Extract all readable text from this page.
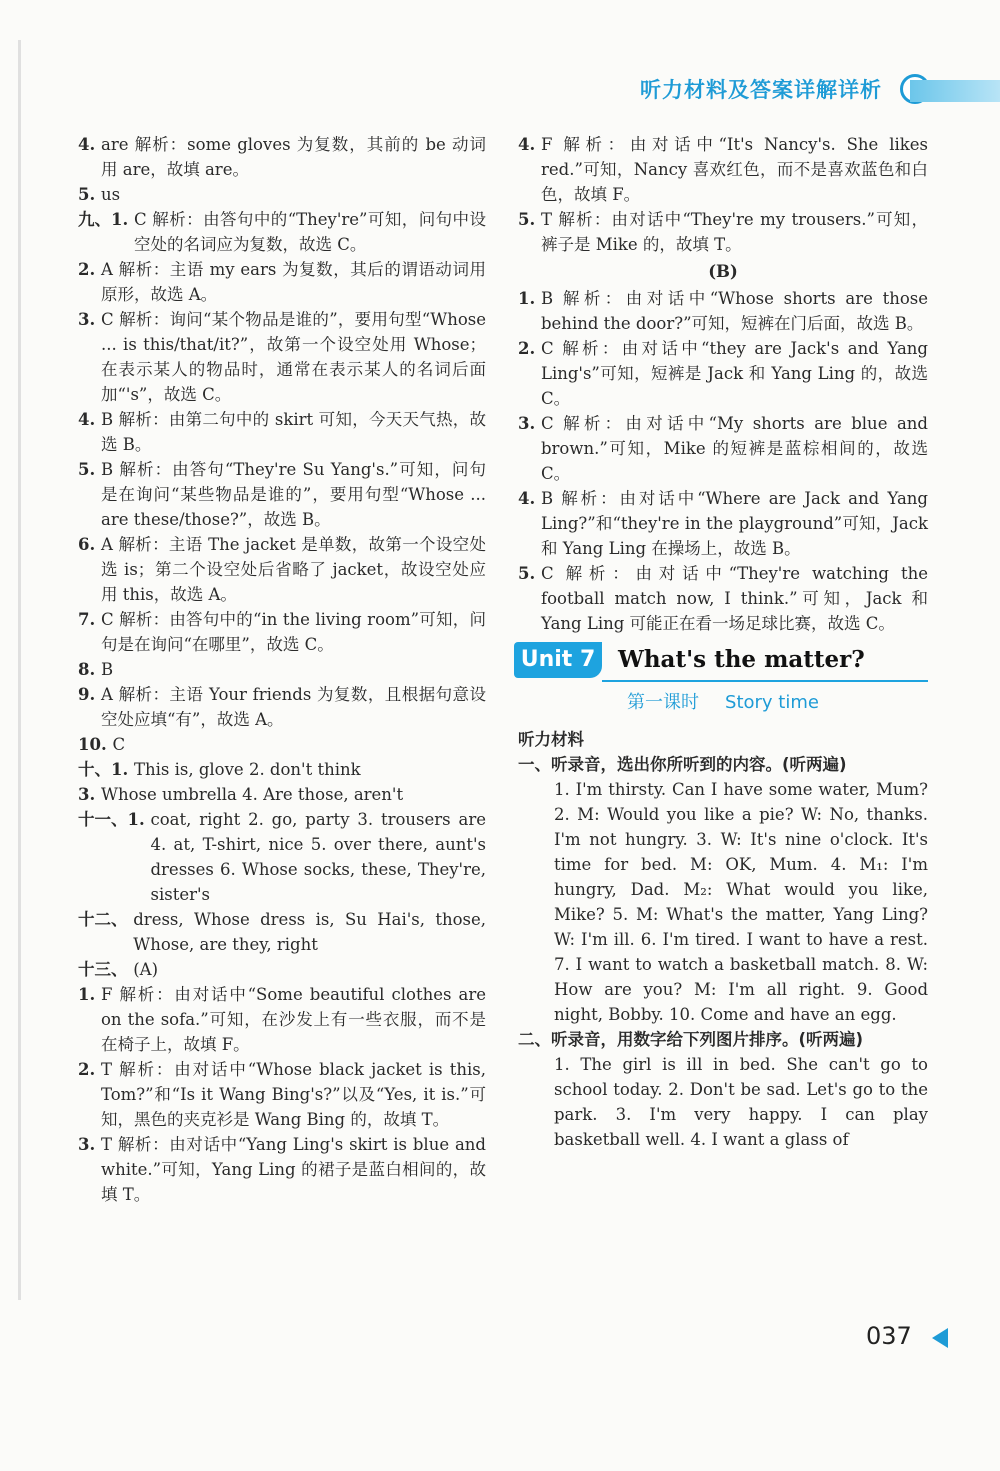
听力材料及答案详解详析
4. are 解析：some gloves 为复数，其前的 be 动词用 are，故填 are。
5. us
九、1. C 解析：由答句中的“They're”可知，问句中设空处的名词应为复数，故选 C。
2. A 解析：主语 my ears 为复数，其后的谓语动词用原形，故选 A。
3. C 解析：询问“某个物品是谁的”，要用句型“Whose ... is this/that/it?”，故第一个设空处用 Whose；在表示某人的物品时，通常在表示某人的名词后面加“'s”，故选 C。
4. B 解析：由第二句中的 skirt 可知，今天天气热，故选 B。
5. B 解析：由答句“They're Su Yang's.”可知，问句是在询问“某些物品是谁的”，要用句型“Whose ... are these/those?”，故选 B。
6. A 解析：主语 The jacket 是单数，故第一个设空处选 is；第二个设空处后省略了 jacket，故设空处应用 this，故选 A。
7. C 解析：由答句中的“in the living room”可知，问句是在询问“在哪里”，故选 C。
8. B
9. A 解析：主语 Your friends 为复数，且根据句意设空处应填“有”，故选 A。
10. C
十、1. This is, glove 2. don't think
3. Whose umbrella 4. Are those, aren't
十一、1. coat, right 2. go, party 3. trousers are 4. at, T-shirt, nice 5. over there, aunt's dresses 6. Whose socks, these, They're, sister's
十二、 dress, Whose dress is, Su Hai's, those, Whose, are they, right
十三、 (A)
1. F 解析：由对话中“Some beautiful clothes are on the sofa.”可知，在沙发上有一些衣服，而不是在椅子上，故填 F。
2. T 解析：由对话中“Whose black jacket is this, Tom?”和“Is it Wang Bing's?”以及“Yes, it is.”可知，黑色的夹克衫是 Wang Bing 的，故填 T。
3. T 解析：由对话中“Yang Ling's skirt is blue and white.”可知，Yang Ling 的裙子是蓝白相间的，故填 T。
4. F 解析：由对话中“It's Nancy's. She likes red.”可知，Nancy 喜欢红色，而不是喜欢蓝色和白色，故填 F。
5. T 解析：由对话中“They're my trousers.”可知，裤子是 Mike 的，故填 T。
(B)
1. B 解析：由对话中“Whose shorts are those behind the door?”可知，短裤在门后面，故选 B。
2. C 解析：由对话中“they are Jack's and Yang Ling's”可知，短裤是 Jack 和 Yang Ling 的，故选 C。
3. C 解析：由对话中“My shorts are blue and brown.”可知，Mike 的短裤是蓝棕相间的，故选 C。
4. B 解析：由对话中“Where are Jack and Yang Ling?”和“they're in the playground”可知，Jack 和 Yang Ling 在操场上，故选 B。
5. C 解析：由对话中“They're watching the football match now, I think.”可知，Jack 和 Yang Ling 可能正在看一场足球比赛，故选 C。
Unit 7 What's the matter?
第一课时 Story time
听力材料
一、听录音，选出你所听到的内容。(听两遍)
1. I'm thirsty. Can I have some water, Mum? 2. M: Would you like a pie? W: No, thanks. I'm not hungry. 3. W: It's nine o'clock. It's time for bed. M: OK, Mum. 4. M₁: I'm hungry, Dad. M₂: What would you like, Mike? 5. M: What's the matter, Yang Ling? W: I'm ill. 6. I'm tired. I want to have a rest. 7. I want to watch a basketball match. 8. W: How are you? M: I'm all right. 9. Good night, Bobby. 10. Come and have an egg.
二、听录音，用数字给下列图片排序。(听两遍)
1. The girl is ill in bed. She can't go to school today. 2. Don't be sad. Let's go to the park. 3. I'm very happy. I can play basketball well. 4. I want a glass of
037
